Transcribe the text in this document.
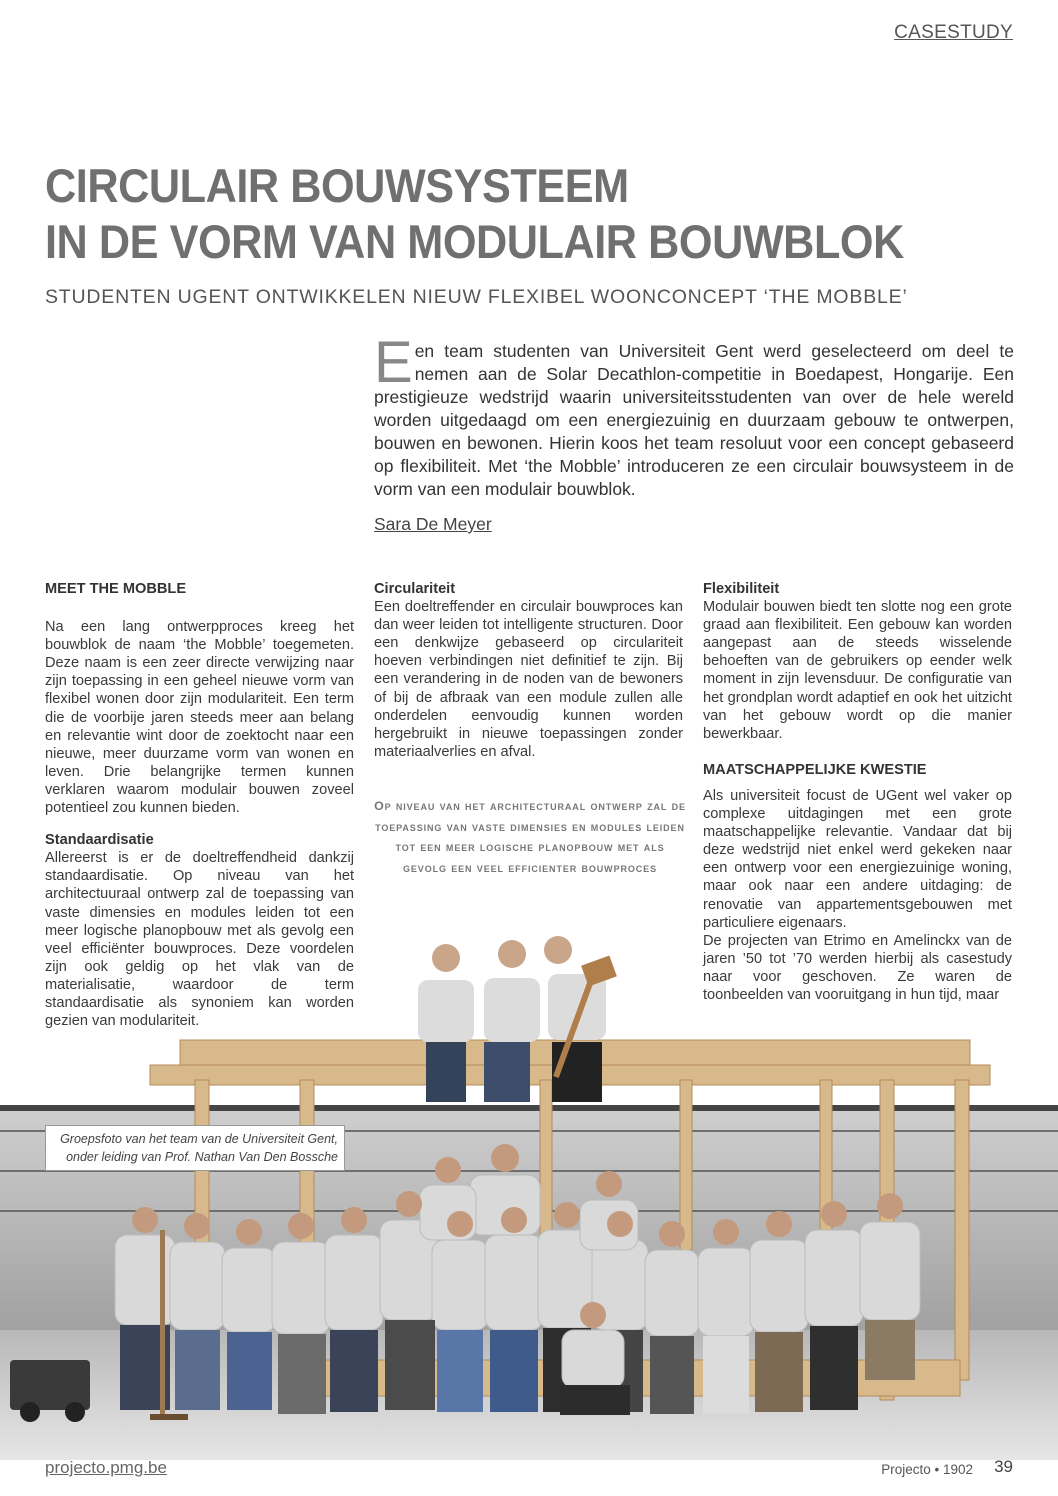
CASESTUDY
CIRCULAIR BOUWSYSTEEM
IN DE VORM VAN MODULAIR BOUWBLOK
STUDENTEN UGENT ONTWIKKELEN NIEUW FLEXIBEL WOONCONCEPT ‘THE MOBBLE’

Een team studenten van Universiteit Gent werd geselecteerd om deel te nemen aan de Solar Decathlon-competitie in Boedapest, Hongarije. Een prestigieuze wedstrijd waarin universiteitsstudenten van over de hele wereld worden uitgedaagd om een energiezuinig en duurzaam gebouw te ontwerpen, bouwen en bewonen. Hierin koos het team resoluut voor een concept gebaseerd op flexibiliteit. Met ‘the Mobble’ introduceren ze een circulair bouwsysteem in de vorm van een modulair bouwblok.

Sara De Meyer
MEET THE MOBBLE

Na een lang ontwerpproces kreeg het bouwblok de naam ‘the Mobble’ toegemeten. Deze naam is een zeer directe verwijzing naar zijn toepassing in een geheel nieuwe vorm van flexibel wonen door zijn modulariteit. Een term die de voorbije jaren steeds meer aan belang en relevantie wint door de zoektocht naar een nieuwe, meer duurzame vorm van wonen en leven. Drie belangrijke termen kunnen verklaren waarom modulair bouwen zoveel potentieel zou kunnen bieden.

Standaardisatie

Allereerst is er de doeltreffendheid dankzij standaardisatie. Op niveau van het architectuuraal ontwerp zal de toepassing van vaste dimensies en modules leiden tot een meer logische planopbouw met als gevolg een veel efficiënter bouwproces. Deze voordelen zijn ook geldig op het vlak van de materialisatie, waardoor de term standaardisatie als synoniem kan worden gezien van modulariteit.

Circulariteit

Een doeltreffender en circulair bouwproces kan dan weer leiden tot intelligente structuren. Door een denkwijze gebaseerd op circulariteit hoeven verbindingen niet definitief te zijn. Bij een verandering in de noden van de bewoners of bij de afbraak van een module zullen alle onderdelen eenvoudig kunnen worden hergebruikt in nieuwe toepassingen zonder materiaalverlies en afval.

Op niveau van het architecturaal ontwerp zal de toepassing van vaste dimensies en modules leiden tot een meer logische planopbouw met als gevolg een veel efficienter bouwproces

Flexibiliteit

Modulair bouwen biedt ten slotte nog een grote graad aan flexibiliteit. Een gebouw kan worden aangepast aan de steeds wisselende behoeften van de gebruikers op eender welk moment in zijn levensduur. De configuratie van het grondplan wordt adaptief en ook het uitzicht van het gebouw wordt op die manier bewerkbaar.

MAATSCHAPPELIJKE KWESTIE

Als universiteit focust de UGent wel vaker op complexe uitdagingen met een grote maatschappelijke relevantie. Vandaar dat bij deze wedstrijd niet enkel werd gekeken naar een ontwerp voor een energiezuinige woning, maar ook naar een andere uitdaging: de renovatie van appartementsgebouwen met particuliere eigenaars.

De projecten van Etrimo en Amelinckx van de jaren ’50 tot ’70 werden hierbij als casestudy naar voor geschoven. Ze waren de toonbeelden van vooruitgang in hun tijd, maar

Groepsfoto van het team van de Universiteit Gent, onder leiding van Prof. Nathan Van Den Bossche
projecto.pmg.be	Projecto • 1902 39
